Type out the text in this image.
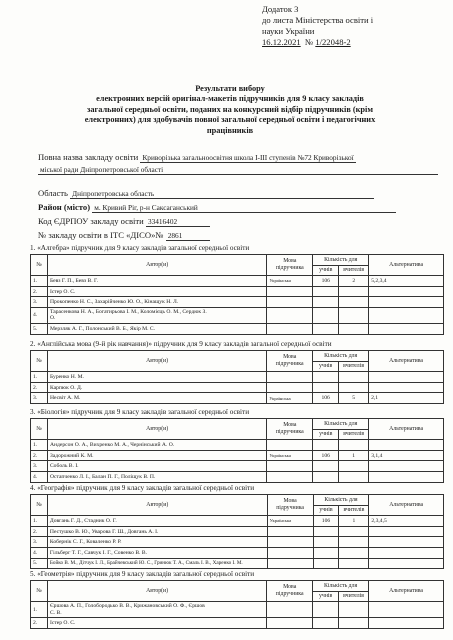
Додаток 3
до листа Міністерства освіти і
науки України
16.12.2021 № 1/22048-2
Результати вибору
електронних версій оригінал-макетів підручників для 9 класу закладів
загальної середньої освіти, поданих на конкурсний відбір підручників (крім
електронних) для здобувачів повної загальної середньої освіти і педагогічних
працівників
Повна назва закладу освіти Криворізька загальноосвітня школа І-ІІІ ступенів №72 Криворізької
міської ради Дніпропетровської області
Область Дніпропетровська область
Район (місто) м. Кривий Ріг, р-н Саксаганський
Код ЄДРПОУ закладу освіти 33416402
№ закладу освіти в ІТС «ДІСО»№ 2861
1. «Алгебра» підручник для 9 класу закладів загальної середньої освіти
№	Автор(и)	Мова
підручника	Кількість для		Альтернатива
			учнів	вчителів	
1.	Бевз Г. П., Бевз В. Г.	Українська	106	2	5,2,3,4
2.	Істер О. С.				
3.	Прокопенко Н. С., Захарійченко Ю. О., Кінащук Н. Л.				
4.	Тарасенкова Н. А., Богатирьова І. М., Коломієць О. М., Сердюк З.
О.				
5.	Мерзляк А. Г., Полонський В. Б., Якір М. С.				
2. «Англійська мова (9-й рік навчання)» підручник для 9 класу закладів загальної середньої освіти
№	Автор(и)	Мова
підручника	Кількість для		Альтернатива
			учнів	вчителів	
1.	Буренко Н. М.				
2.	Карпюк О. Д.				
3.	Несвіт А. М.	Українська	106	5	2,1
3. «Біологія» підручник для 9 класу закладів загальної середньої освіти
№	Автор(и)	Мова
підручника	Кількість для		Альтернатива
			учнів	вчителів	
1.	Андерсон О. А., Вихренко М. А., Чернінський А. О.				
2.	Задорожний К. М.	Українська	106	1	3,1,4
3.	Соболь В. І.				
4.	Остапченко Л. І., Балан П. Г., Поліщук В. П.				
4. «Географія» підручник для 9 класу закладів загальної середньої освіти
№	Автор(и)	Мова
підручника	Кількість для		Альтернатива
			учнів	вчителів	
1.	Довгань Г. Д., Стадник О. Г.	Українська	106	1	2,3,4,5
2.	Пестушко В. Ю., Уварова Г. Ш., Довгань А. І.				
3.	Кобернік С. Г., Коваленко Р. Р.				
4.	Гільберг Т. Г., Савчук І. Г., Совенко В. В.				
5.	Бойко В. М., Дітчук І. Л., Брайчевський Ю. С., Гринюк Т. А., Смаль І. В., Харенко І. М.				
5. «Геометрія» підручник для 9 класу закладів загальної середньої освіти
№	Автор(и)	Мова
підручника	Кількість для		Альтернатива
			учнів	вчителів	
1.	Єршова А. П., Голобородько В. В., Крижановський О. Ф., Єршов
С. В.				
2.	Істер О. С.				
